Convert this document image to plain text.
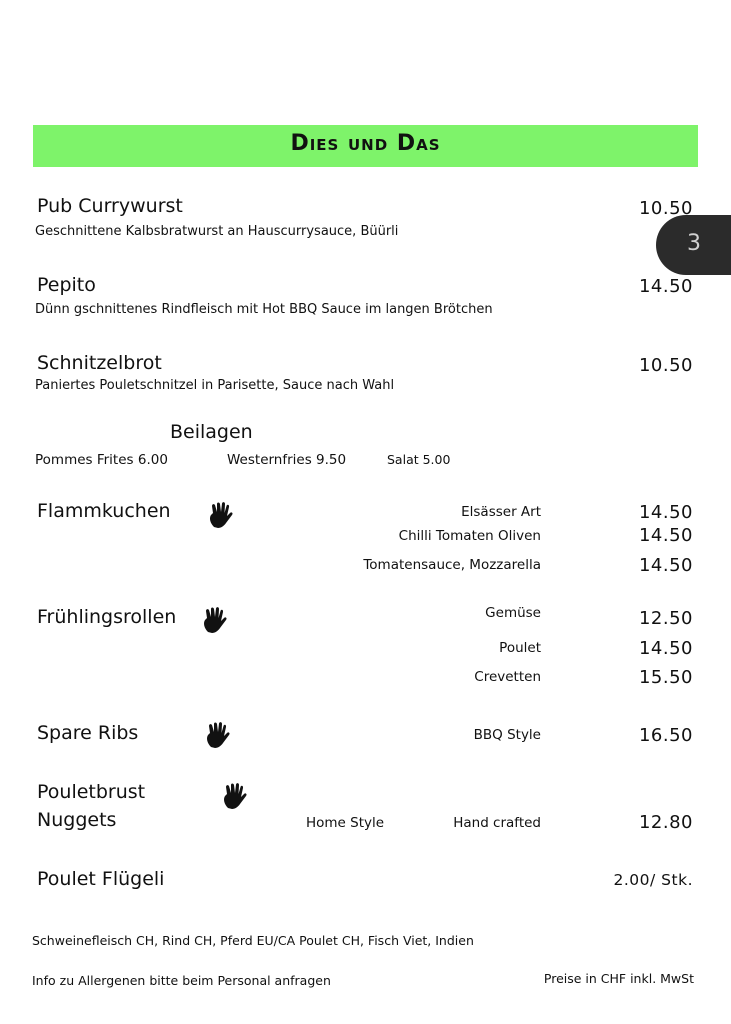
Dies und Das
3
Pub Currywurst
Geschnittene Kalbsbratwurst an Hauscurrysauce, Büürli
10.50
Pepito
Dünn gschnittenes Rindfleisch mit Hot BBQ Sauce im langen Brötchen
14.50
Schnitzelbrot
Paniertes Pouletschnitzel in Parisette, Sauce nach Wahl
10.50
Beilagen
Pommes Frites 6.00	Westernfries 9.50	Salat 5.00
Flammkuchen	Elsässer Art	14.50
Chilli Tomaten Oliven	14.50
Tomatensauce, Mozzarella	14.50
Frühlingsrollen	Gemüse	12.50
Poulet	14.50
Crevetten	15.50
Spare Ribs	BBQ Style	16.50
Pouletbrust
Nuggets	Home Style	Hand crafted	12.80
Poulet Flügeli	2.00/ Stk.
Schweinefleisch CH, Rind CH, Pferd EU/CA Poulet CH, Fisch Viet, Indien
Info zu Allergenen bitte beim Personal anfragen	Preise in CHF inkl. MwSt
